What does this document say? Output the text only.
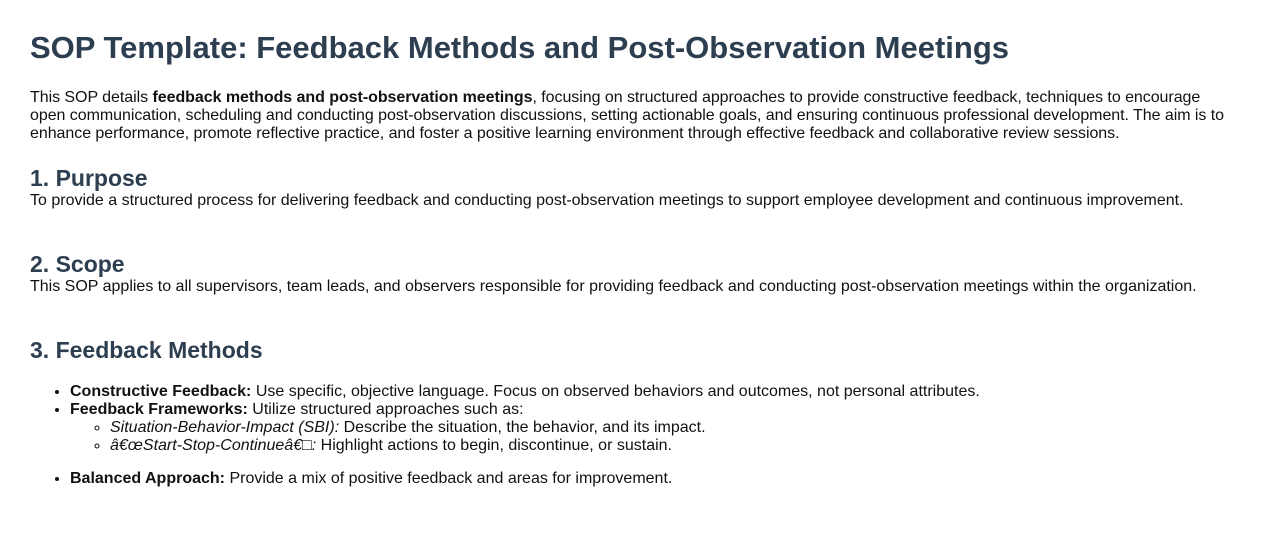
SOP Template: Feedback Methods and Post-Observation Meetings

This SOP details feedback methods and post-observation meetings, focusing on structured approaches to provide constructive feedback, techniques to encourage open communication, scheduling and conducting post-observation discussions, setting actionable goals, and ensuring continuous professional development. The aim is to enhance performance, promote reflective practice, and foster a positive learning environment through effective feedback and collaborative review sessions.

1. Purpose

To provide a structured process for delivering feedback and conducting post-observation meetings to support employee development and continuous improvement.

2. Scope

This SOP applies to all supervisors, team leads, and observers responsible for providing feedback and conducting post-observation meetings within the organization.

3. Feedback Methods
• Constructive Feedback: Use specific, objective language. Focus on observed behaviors and outcomes, not personal attributes.
• Feedback Frameworks: Utilize structured approaches such as:
◦ Situation-Behavior-Impact (SBI): Describe the situation, the behavior, and its impact.
◦ â€œStart-Stop-Continueâ€□: Highlight actions to begin, discontinue, or sustain.
• Balanced Approach: Provide a mix of positive feedback and areas for improvement.
